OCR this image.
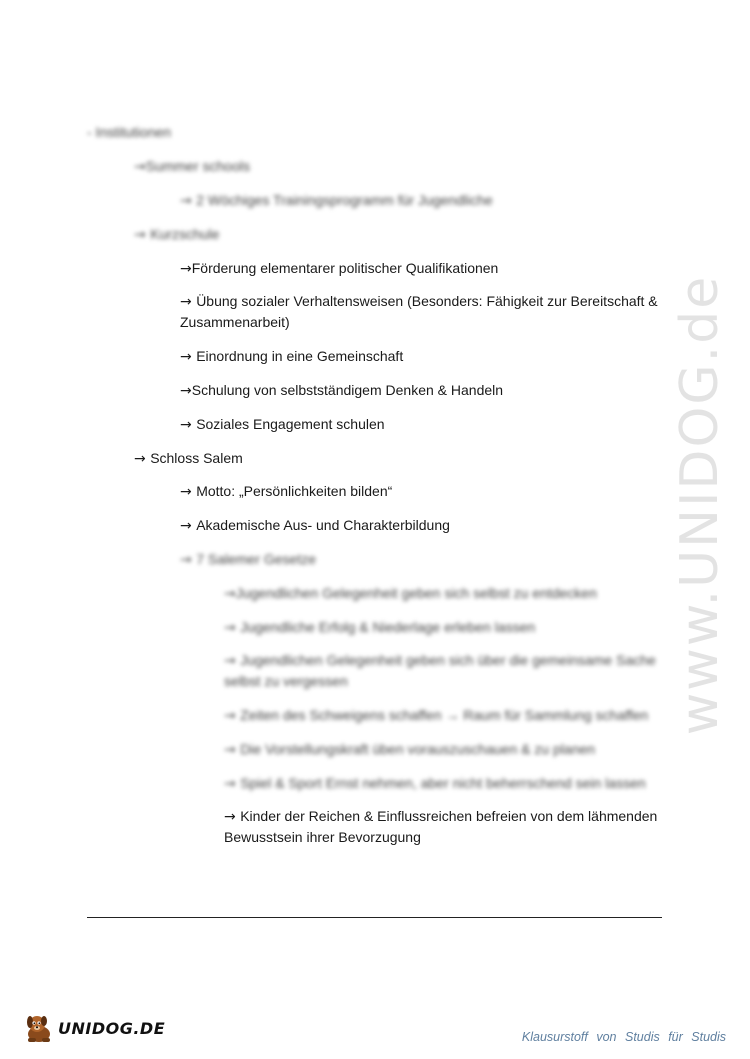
www.UNIDOG.de
- Institutionen
→Summer schools
→ 2 Wöchiges Trainingsprogramm für Jugendliche
→ Kurzschule
→Förderung elementarer politischer Qualifikationen
→ Übung sozialer Verhaltensweisen (Besonders: Fähigkeit zur Bereitschaft &
Zusammenarbeit)
→ Einordnung in eine Gemeinschaft
→Schulung von selbstständigem Denken & Handeln
→ Soziales Engagement schulen
→ Schloss Salem
→ Motto: „Persönlichkeiten bilden“
→ Akademische Aus- und Charakterbildung
→ 7 Salemer Gesetze
→Jugendlichen Gelegenheit geben sich selbst zu entdecken
→ Jugendliche Erfolg & Niederlage erleben lassen
→ Jugendlichen Gelegenheit geben sich über die gemeinsame Sache
selbst zu vergessen
→ Zeiten des Schweigens schaffen → Raum für Sammlung schaffen
→ Die Vorstellungskraft üben vorauszuschauen & zu planen
→ Spiel & Sport Ernst nehmen, aber nicht beherrschend sein lassen
→ Kinder der Reichen & Einflussreichen befreien von dem lähmenden
Bewusstsein ihrer Bevorzugung
UNIDOG.DE	Klausurstoff von Studis für Studis
